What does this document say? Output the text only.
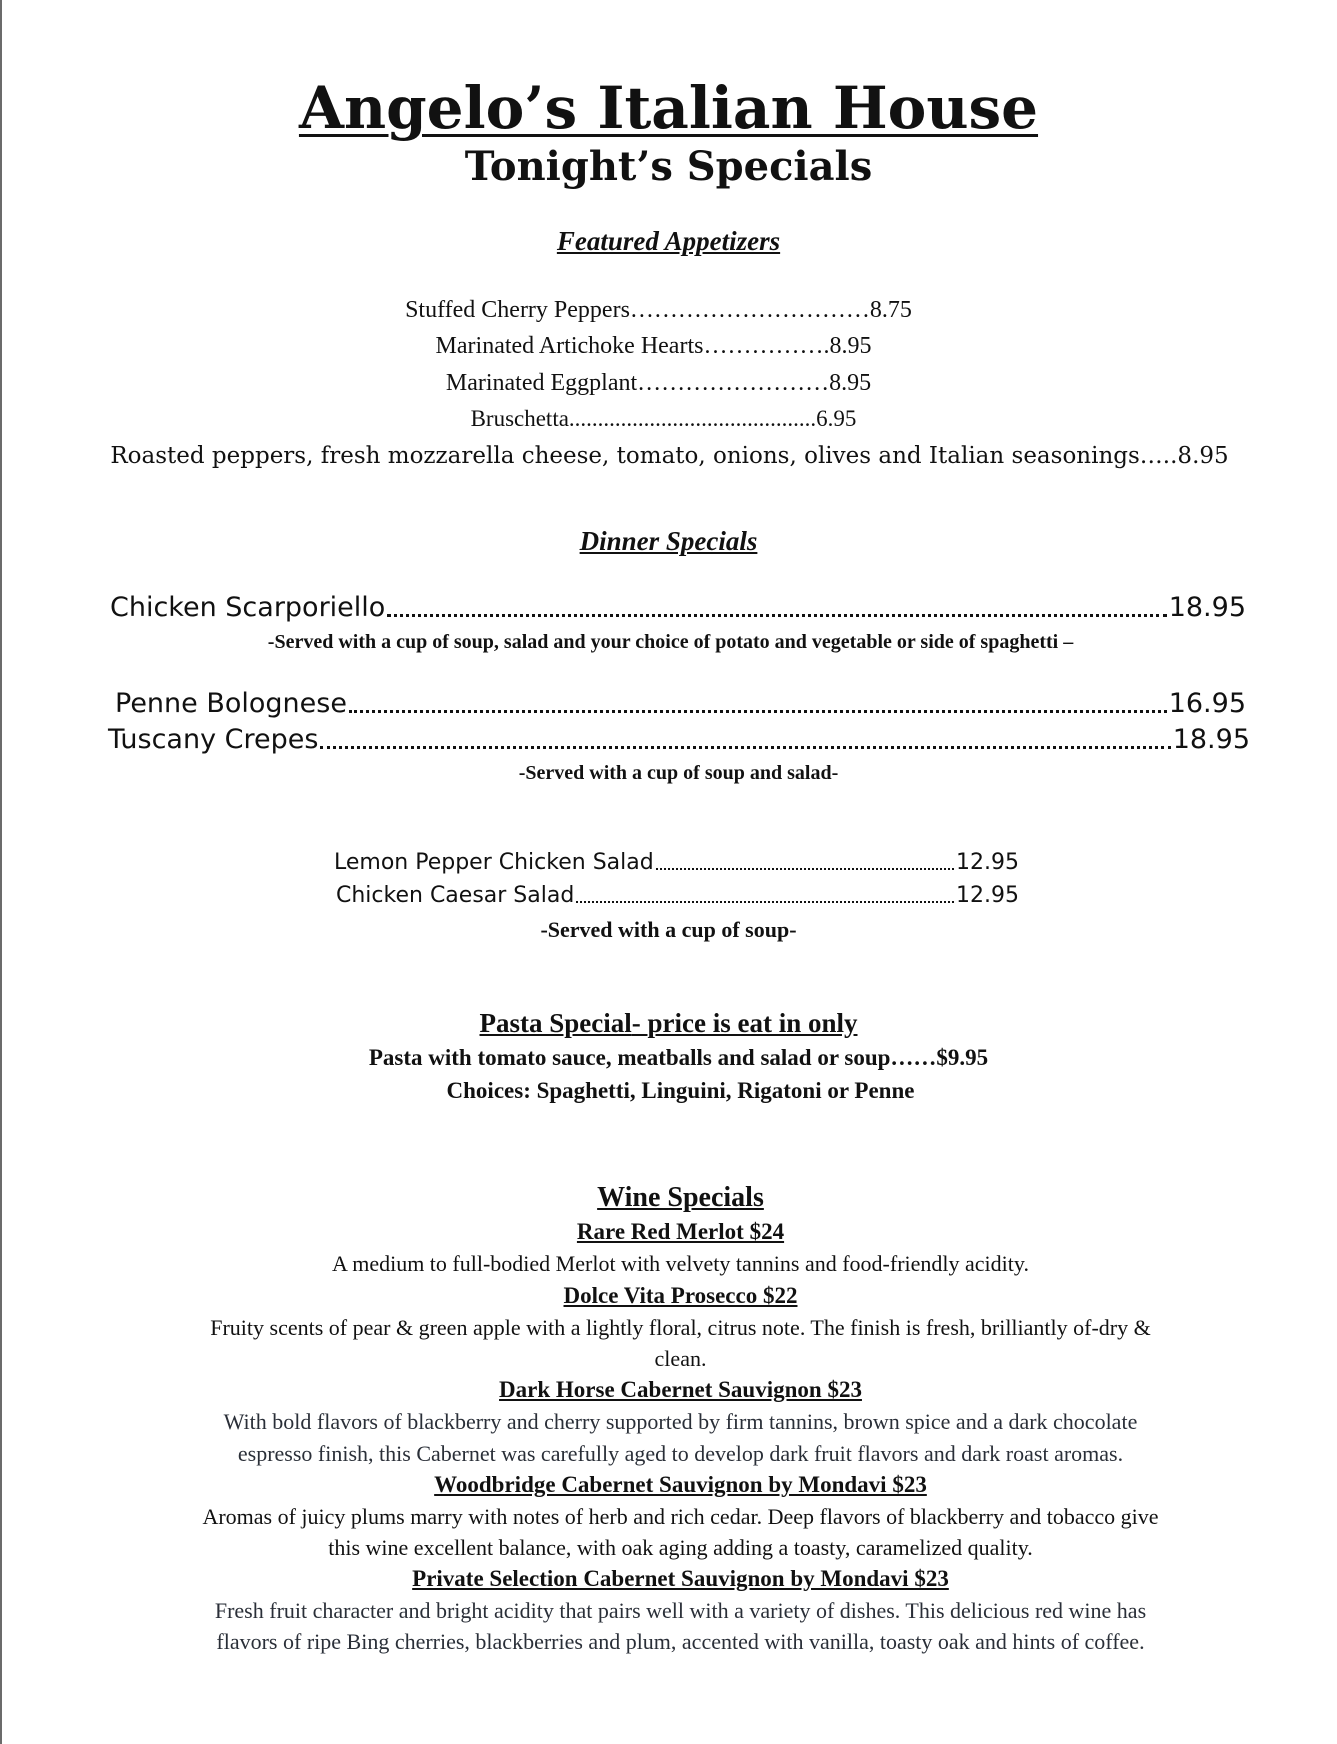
Angelo’s Italian House
Tonight’s Specials
Featured Appetizers
Stuffed Cherry Peppers…………………………8.75
Marinated Artichoke Hearts…………….8.95
Marinated Eggplant……………………8.95
Bruschetta...........................................6.95
Roasted peppers, fresh mozzarella cheese, tomato, onions, olives and Italian seasonings…..8.95
Dinner Specials
Chicken Scarporiello	18.95
-Served with a cup of soup, salad and your choice of potato and vegetable or side of spaghetti –
Penne Bolognese	16.95
Tuscany Crepes	18.95
-Served with a cup of soup and salad-
Lemon Pepper Chicken Salad	12.95
Chicken Caesar Salad	12.95
-Served with a cup of soup-
Pasta Special- price is eat in only
Pasta with tomato sauce, meatballs and salad or soup……$9.95
Choices: Spaghetti, Linguini, Rigatoni or Penne
Wine Specials
Rare Red Merlot $24
A medium to full-bodied Merlot with velvety tannins and food-friendly acidity.
Dolce Vita Prosecco $22
Fruity scents of pear & green apple with a lightly floral, citrus note. The finish is fresh, brilliantly of-dry &
clean.
Dark Horse Cabernet Sauvignon $23
With bold flavors of blackberry and cherry supported by firm tannins, brown spice and a dark chocolate
espresso finish, this Cabernet was carefully aged to develop dark fruit flavors and dark roast aromas.
Woodbridge Cabernet Sauvignon by Mondavi $23
Aromas of juicy plums marry with notes of herb and rich cedar. Deep flavors of blackberry and tobacco give
this wine excellent balance, with oak aging adding a toasty, caramelized quality.
Private Selection Cabernet Sauvignon by Mondavi $23
Fresh fruit character and bright acidity that pairs well with a variety of dishes. This delicious red wine has
flavors of ripe Bing cherries, blackberries and plum, accented with vanilla, toasty oak and hints of coffee.
